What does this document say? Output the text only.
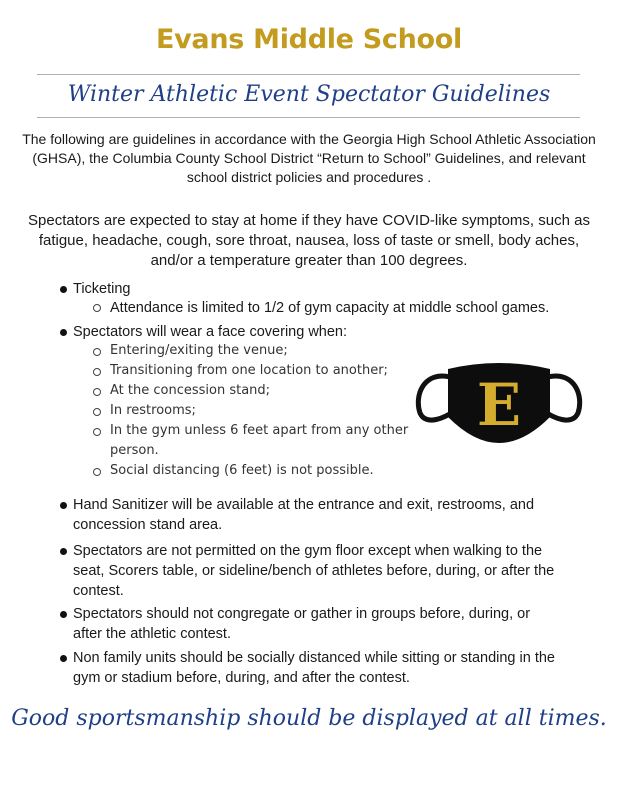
Evans Middle School
Winter Athletic Event Spectator Guidelines
The following are guidelines in accordance with the Georgia High School Athletic Association (GHSA), the Columbia County School District “Return to School” Guidelines, and relevant school district policies and procedures .
Spectators are expected to stay at home if they have COVID-like symptoms, such as fatigue, headache, cough, sore throat, nausea, loss of taste or smell, body aches, and/or a temperature greater than 100 degrees.
Ticketing
Attendance is limited to 1/2 of gym capacity at middle school games.
Spectators will wear a face covering when:
Entering/exiting the venue;
Transitioning from one location to another;
At the concession stand;
In restrooms;
In the gym unless 6 feet apart from any other
person.
Social distancing (6 feet) is not possible.
Hand Sanitizer will be available at the entrance and exit, restrooms, and
concession stand area.
Spectators are not permitted on the gym floor except when walking to the
seat, Scorers table, or sideline/bench of athletes before, during, or after the
contest.
Spectators should not congregate or gather in groups before, during, or
after the athletic contest.
Non family units should be socially distanced while sitting or standing in the
gym or stadium before, during, and after the contest.
E
Good sportsmanship should be displayed at all times.
